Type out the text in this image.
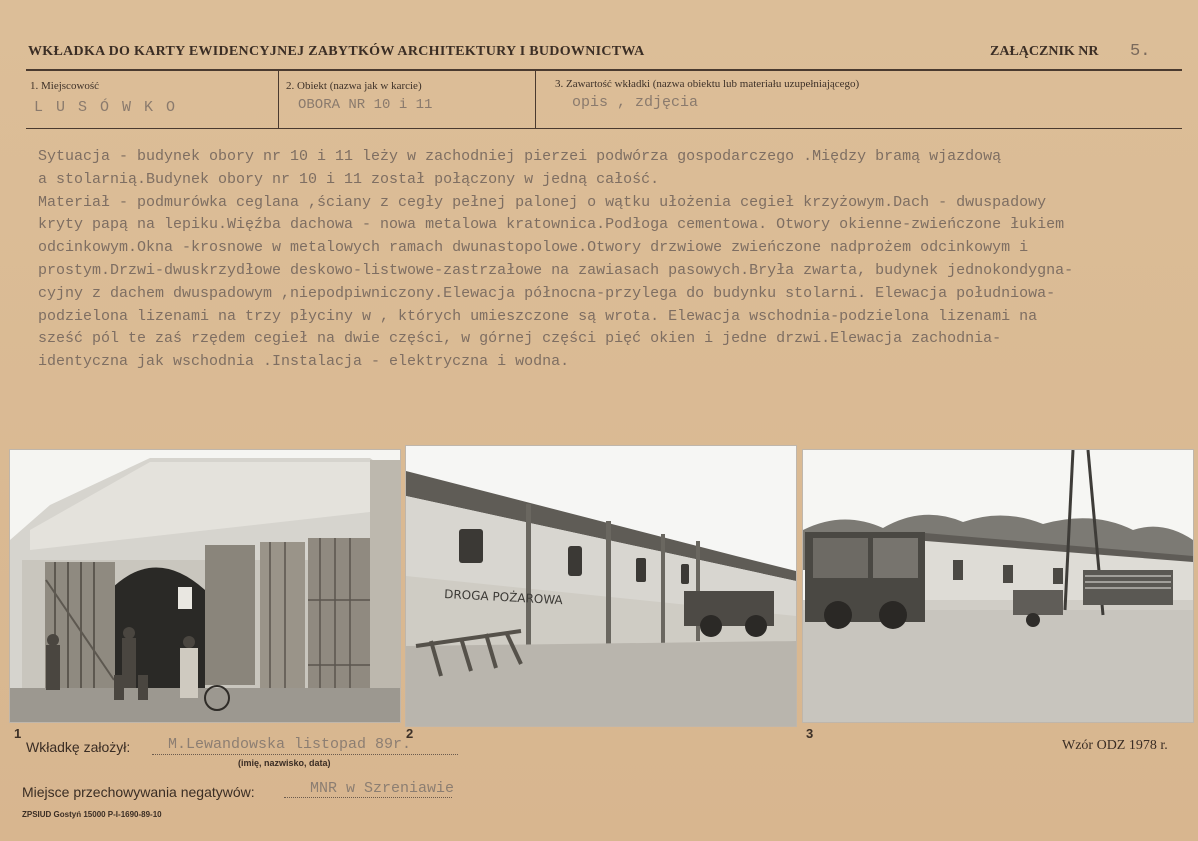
WKŁADKA DO KARTY EWIDENCYJNEJ ZABYTKÓW ARCHITEKTURY I BUDOWNICTWA	ZAŁĄCZNIK NR 5.
1. Miejscowość
L U S Ó W K O
2. Obiekt (nazwa jak w karcie)
OBORA NR 10 i 11
3. Zawartość wkładki (nazwa obiektu lub materiału uzupełniającego)
opis , zdjęcia
Sytuacja - budynek obory nr 10 i 11 leży w zachodniej pierzei podwórza gospodarczego .Między bramą wjazdową
a stolarnią.Budynek obory nr 10 i 11 został połączony w jedną całość.
Materiał - podmurówka ceglana ,ściany z cegły pełnej palonej o wątku ułożenia cegieł krzyżowym.Dach - dwuspadowy
kryty papą na lepiku.Więźba dachowa - nowa metalowa kratownica.Podłoga cementowa. Otwory okienne-zwieńczone łukiem
odcinkowym.Okna -krosnowe w metalowych ramach dwunastopolowe.Otwory drzwiowe zwieńczone nadprożem odcinkowym i
prostym.Drzwi-dwuskrzydłowe deskowo-listwowe-zastrzałowe na zawiasach pasowych.Bryła zwarta, budynek jednokondygna-
cyjny z dachem dwuspadowym ,niepodpiwniczony.Elewacja północna-przylega do budynku stolarni. Elewacja południowa-
podzielona lizenami na trzy płyciny w , których umieszczone są wrota. Elewacja wschodnia-podzielona lizenami na
sześć pól te zaś rzędem cegieł na dwie części, w górnej części pięć okien i jedne drzwi.Elewacja zachodnia-
identyczna jak wschodnia .Instalacja - elektryczna i wodna.
1
DROGA POŻAROWA
2	3
Wkładkę założył:	M.Lewandowska listopad 89r.
(imię, nazwisko, data)
Wzór ODZ 1978 r.
Miejsce przechowywania negatywów:	MNR w Szreniawie
ZPSIUD Gostyń 15000 P-I-1690-89-10
